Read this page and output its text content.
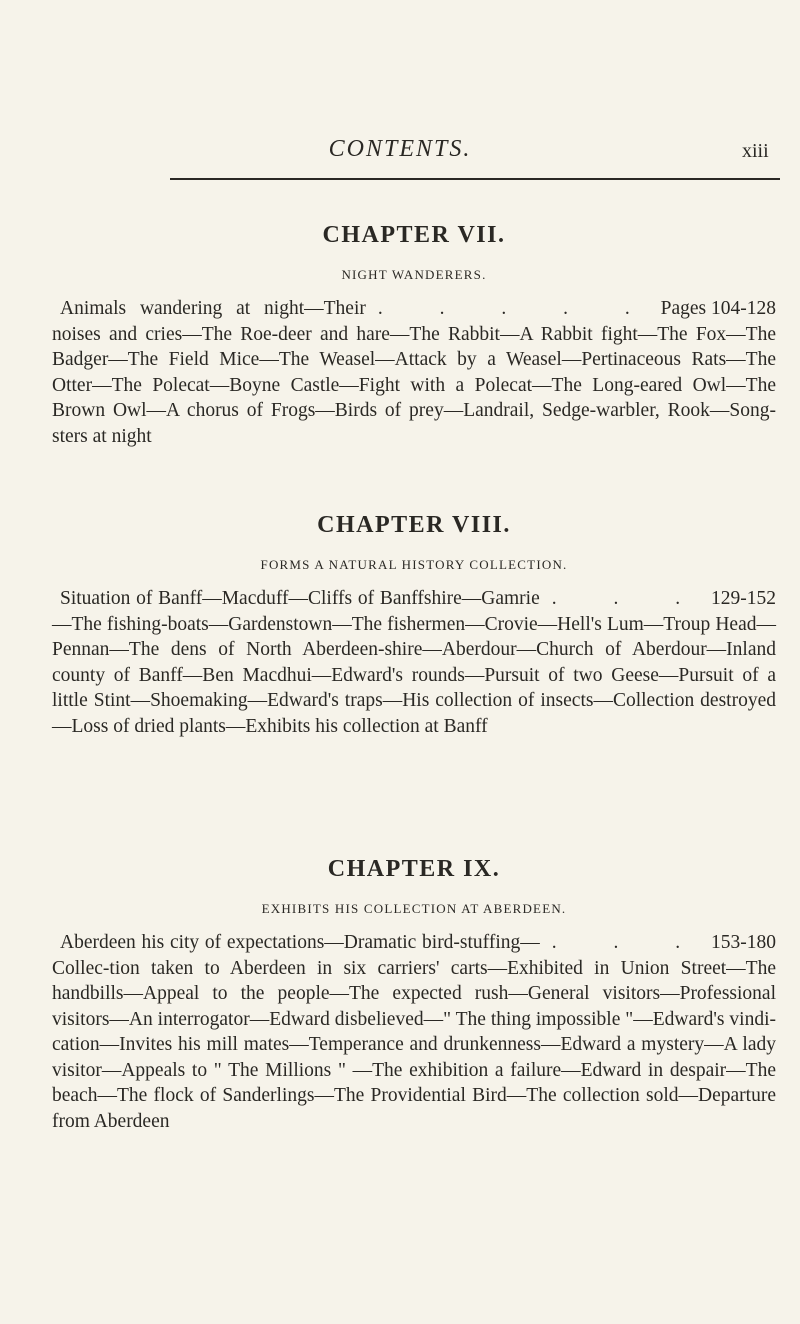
CONTENTS.	xiii
CHAPTER VII.
NIGHT WANDERERS.

. . . . . Pages 104-128
Animals wandering at night—Their noises and cries—The Roe-deer and hare—The Rabbit—A Rabbit fight—The Fox—The Badger—The Field Mice—The Weasel—Attack by a Weasel—Pertinaceous Rats—The Otter—The Polecat—Boyne Castle—Fight with a Polecat—The Long-eared Owl—The Brown Owl—A chorus of Frogs—Birds of prey—Landrail, Sedge-warbler, Rook—Song-sters at night

CHAPTER VIII.
FORMS A NATURAL HISTORY COLLECTION.

. . . 129-152
Situation of Banff—Macduff—Cliffs of Banffshire—Gamrie—The fishing-boats—Gardenstown—The fishermen—Crovie—Hell's Lum—Troup Head—Pennan—The dens of North Aberdeen-shire—Aberdour—Church of Aberdour—Inland county of Banff—Ben Macdhui—Edward's rounds—Pursuit of two Geese—Pursuit of a little Stint—Shoemaking—Edward's traps—His collection of insects—Collection destroyed—Loss of dried plants—Exhibits his collection at Banff

CHAPTER IX.
EXHIBITS HIS COLLECTION AT ABERDEEN.

. . . 153-180
Aberdeen his city of expectations—Dramatic bird-stuffing—Collec-tion taken to Aberdeen in six carriers' carts—Exhibited in Union Street—The handbills—Appeal to the people—The expected rush—General visitors—Professional visitors—An interrogator—Edward disbelieved—" The thing impossible "—Edward's vindi-cation—Invites his mill mates—Temperance and drunkenness—Edward a mystery—A lady visitor—Appeals to " The Millions " —The exhibition a failure—Edward in despair—The beach—The flock of Sanderlings—The Providential Bird—The collection sold—Departure from Aberdeen
